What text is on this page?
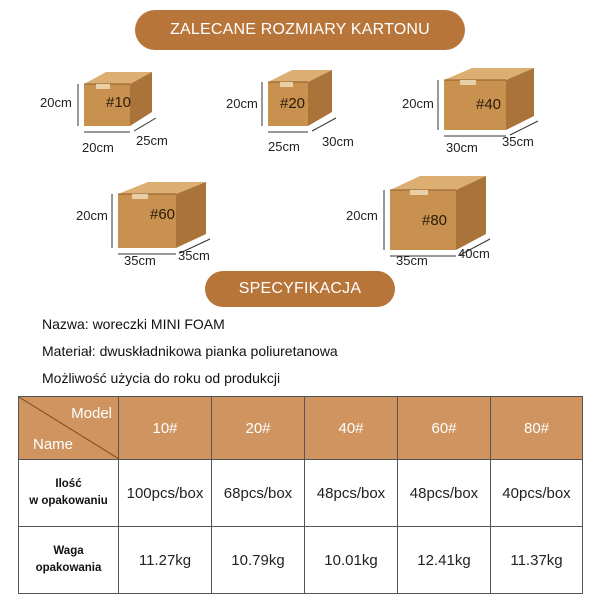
ZALECANE ROZMIARY KARTONU
#10
20cm
20cm 25cm
#20
20cm
25cm 30cm
#40
20cm
30cm 35cm
#60
20cm
35cm 35cm
#80
20cm
35cm 40cm
SPECYFIKACJA
Nazwa: woreczki MINI FOAM
Materiał: dwuskładnikowa pianka poliuretanowa
Możliwość użycia do roku od produkcji
Model
Name	10#	20#	40#	60#	80#
Ilość
w opakowaniu	100pcs/box	68pcs/box	48pcs/box	48pcs/box	40pcs/box
Waga
opakowania	11.27kg	10.79kg	10.01kg	12.41kg	11.37kg
